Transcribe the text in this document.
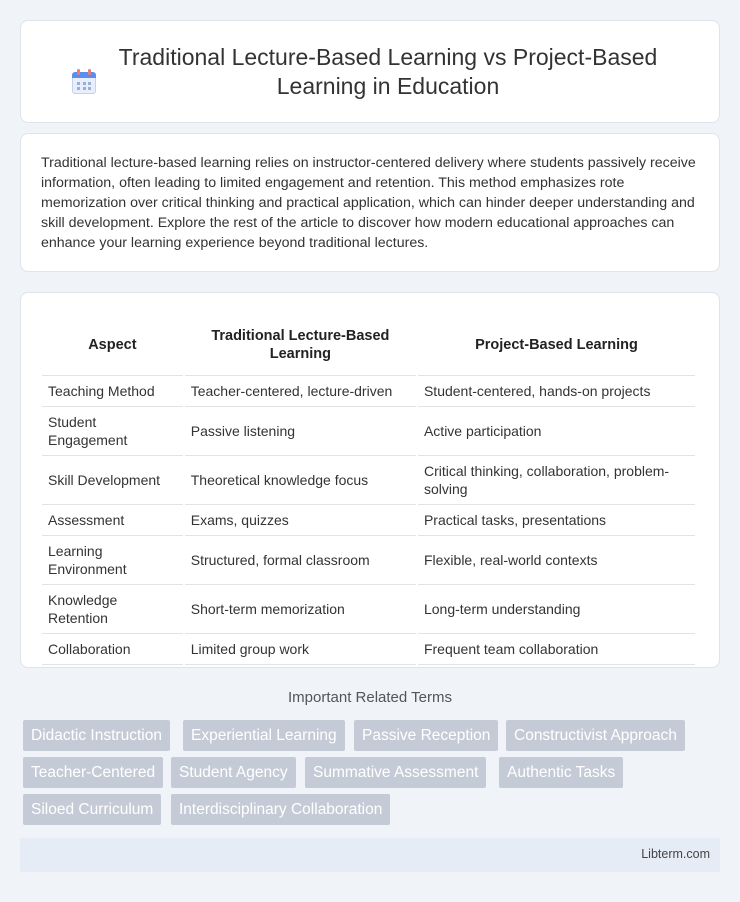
Traditional Lecture-Based Learning vs Project-Based Learning in Education

Traditional lecture-based learning relies on instructor-centered delivery where students passively receive information, often leading to limited engagement and retention. This method emphasizes rote memorization over critical thinking and practical application, which can hinder deeper understanding and skill development. Explore the rest of the article to discover how modern educational approaches can enhance your learning experience beyond traditional lectures.

Aspect	Traditional Lecture-Based Learning	Project-Based Learning
Teaching Method	Teacher-centered, lecture-driven	Student-centered, hands-on projects
Student Engagement	Passive listening	Active participation
Skill Development	Theoretical knowledge focus	Critical thinking, collaboration, problem-solving
Assessment	Exams, quizzes	Practical tasks, presentations
Learning Environment	Structured, formal classroom	Flexible, real-world contexts
Knowledge Retention	Short-term memorization	Long-term understanding
Collaboration	Limited group work	Frequent team collaboration
Important Related Terms
Didactic Instruction	Experiential Learning	Passive Reception	Constructivist Approach
Teacher-Centered	Student Agency	Summative Assessment	Authentic Tasks
Siloed Curriculum	Interdisciplinary Collaboration
Libterm.com
